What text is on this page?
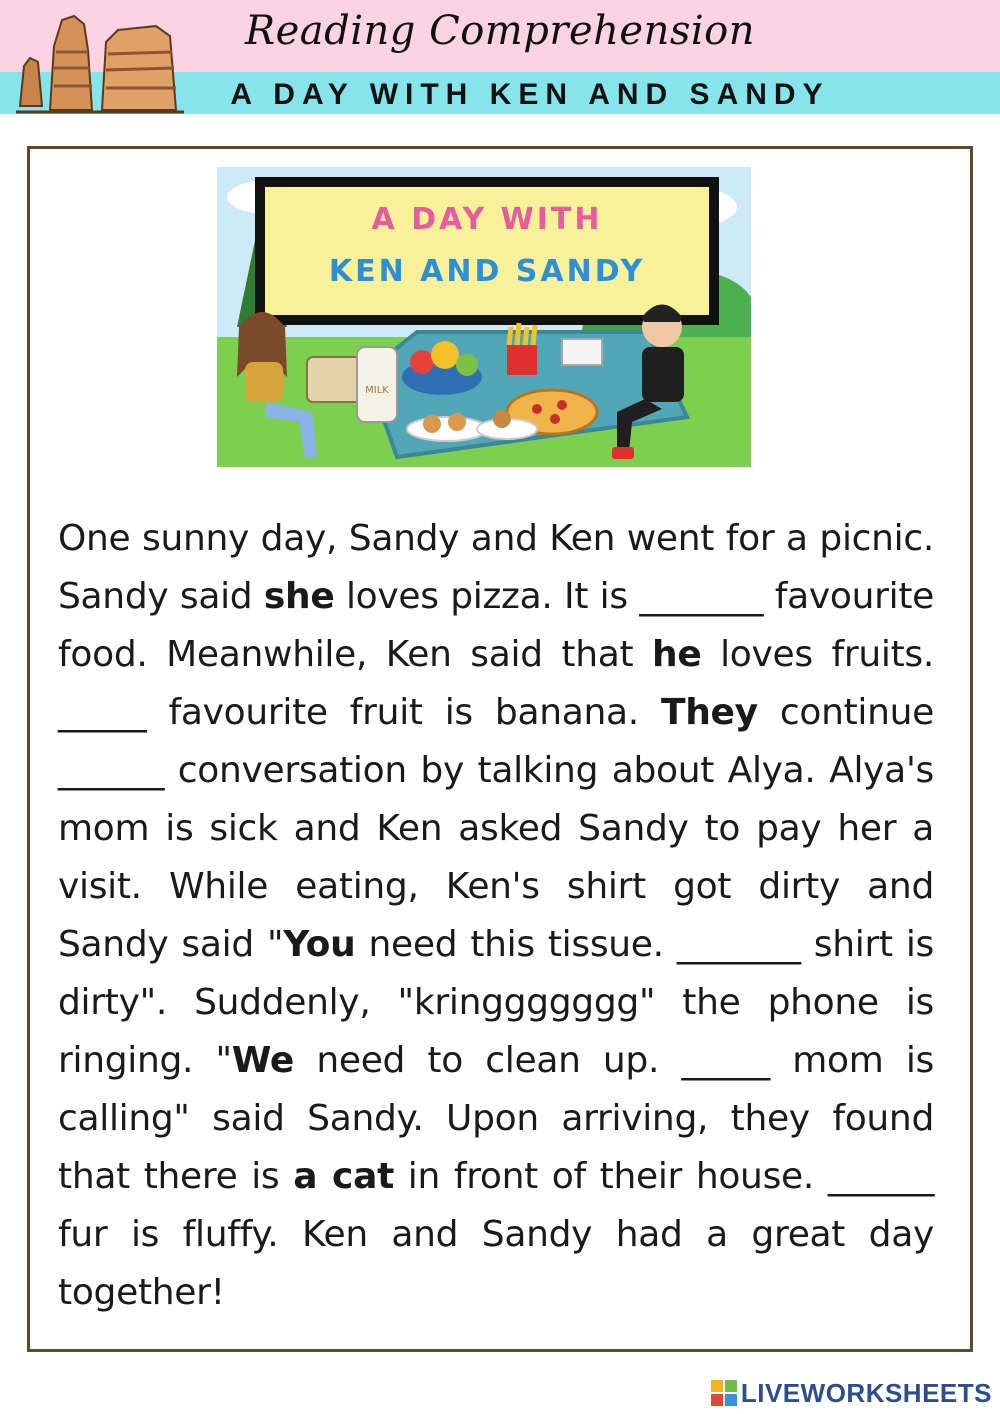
Reading Comprehension
A DAY WITH KEN AND SANDY
A DAY WITH
KEN AND SANDY
MILK
One sunny day, Sandy and Ken went for a picnic. Sandy said she loves pizza. It is _______ favourite food. Meanwhile, Ken said that he loves fruits. _____ favourite fruit is banana. They continue ______ conversation by talking about Alya. Alya's mom is sick and Ken asked Sandy to pay her a visit. While eating, Ken's shirt got dirty and Sandy said "You need this tissue. _______ shirt is dirty". Suddenly, "kringgggggg" the phone is ringing. "We need to clean up. _____ mom is calling" said Sandy. Upon arriving, they found that there is a cat in front of their house. ______ fur is fluffy. Ken and Sandy had a great day together!
LIVEWORKSHEETS
